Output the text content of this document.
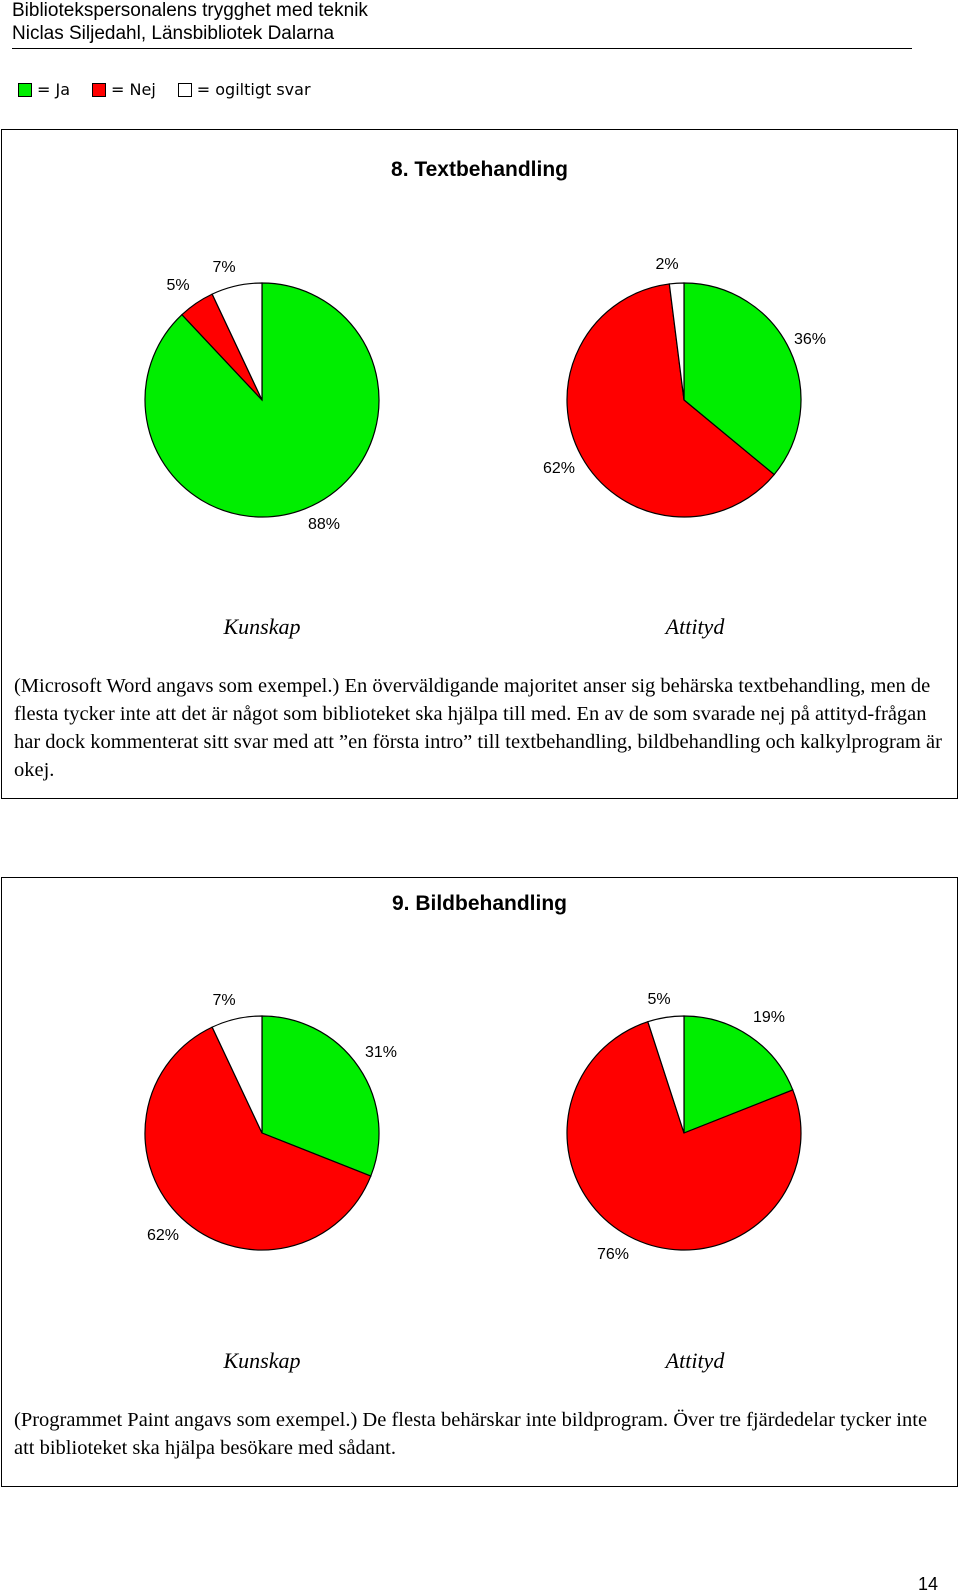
Bibliotekspersonalens trygghet med teknik
Niclas Siljedahl, Länsbibliotek Dalarna
= Ja	= Nej	= ogiltigt svar
8. Textbehandling
88%
5%
7%
36%
62%
2%
Kunskap	Attityd

(Microsoft Word angavs som exempel.) En överväldigande majoritet anser sig behärska textbehandling, men de flesta tycker inte att det är något som biblioteket ska hjälpa till med. En av de som svarade nej på attityd-frågan har dock kommenterat sitt svar med att ”en första intro” till textbehandling, bildbehandling och kalkylprogram är okej.

9. Bildbehandling
31%
62%
7%
19%
76%
5%
Kunskap	Attityd

(Programmet Paint angavs som exempel.) De flesta behärskar inte bildprogram. Över tre fjärdedelar tycker inte att biblioteket ska hjälpa besökare med sådant.

14
